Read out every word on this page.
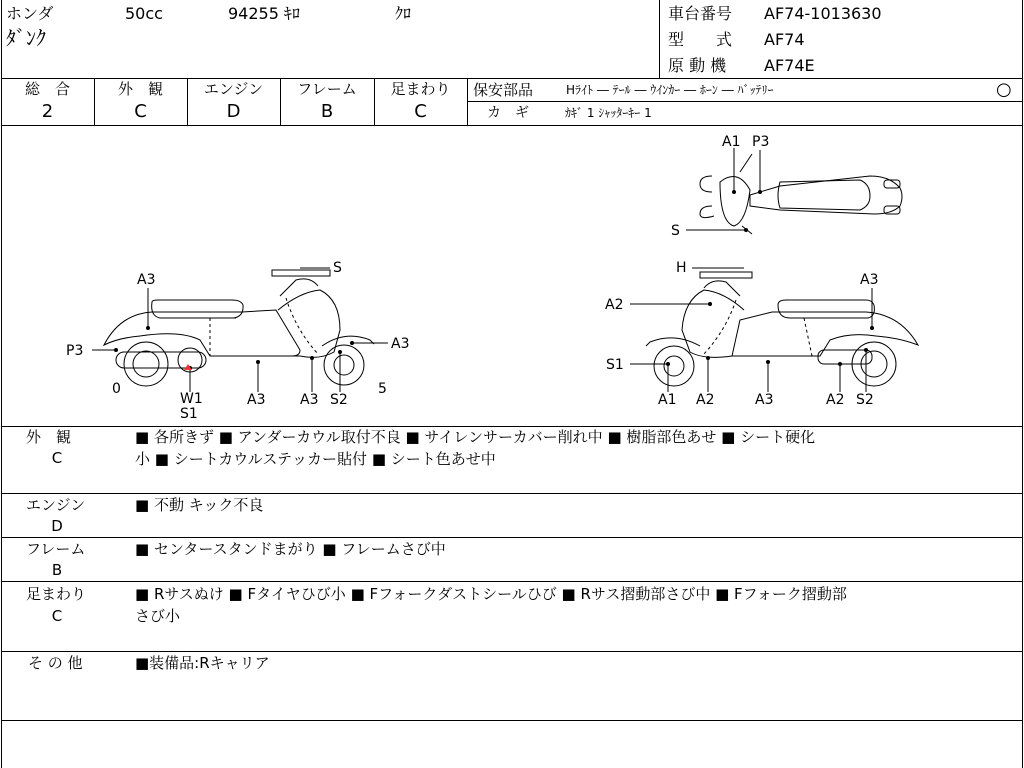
ホンダ	50cc	94255 ｷﾛ	ｸﾛ
ﾀﾞﾝｸ
車台番号 AF74-1013630
型　　式 AF74
原 動 機 AF74E
総　合
2
外　観
C
エンジン
D
フレーム
B
足まわり
C
保安部品	Hﾗｲﾄ ― ﾃｰﾙ ― ｳｲﾝｶｰ ― ﾎｰﾝ ― ﾊﾞｯﾃﾘｰ	○
カ　ギ	ｶｷﾞ 1 ｼｬｯﾀｰｷｰ 1
S
A3
P3	A3
0
W1
S1
A3 A3 S2
5
H
A3
A2
S1
A1 A2	A3	A2 S2
A1 P3
S
外　観
C
■ 各所きず ■ アンダーカウル取付不良 ■ サイレンサーカバー削れ中 ■ 樹脂部色あせ ■ シート硬化
小 ■ シートカウルステッカー貼付 ■ シート色あせ中
エンジン
D
■ 不動 キック不良
フレーム
B
■ センタースタンドまがり ■ フレームさび中
足まわり
C
■ Rサスぬけ ■ Fタイヤひび小 ■ Fフォークダストシールひび ■ Rサス摺動部さび中 ■ Fフォーク摺動部
さび小
そ の 他	■装備品:Rキャリア
